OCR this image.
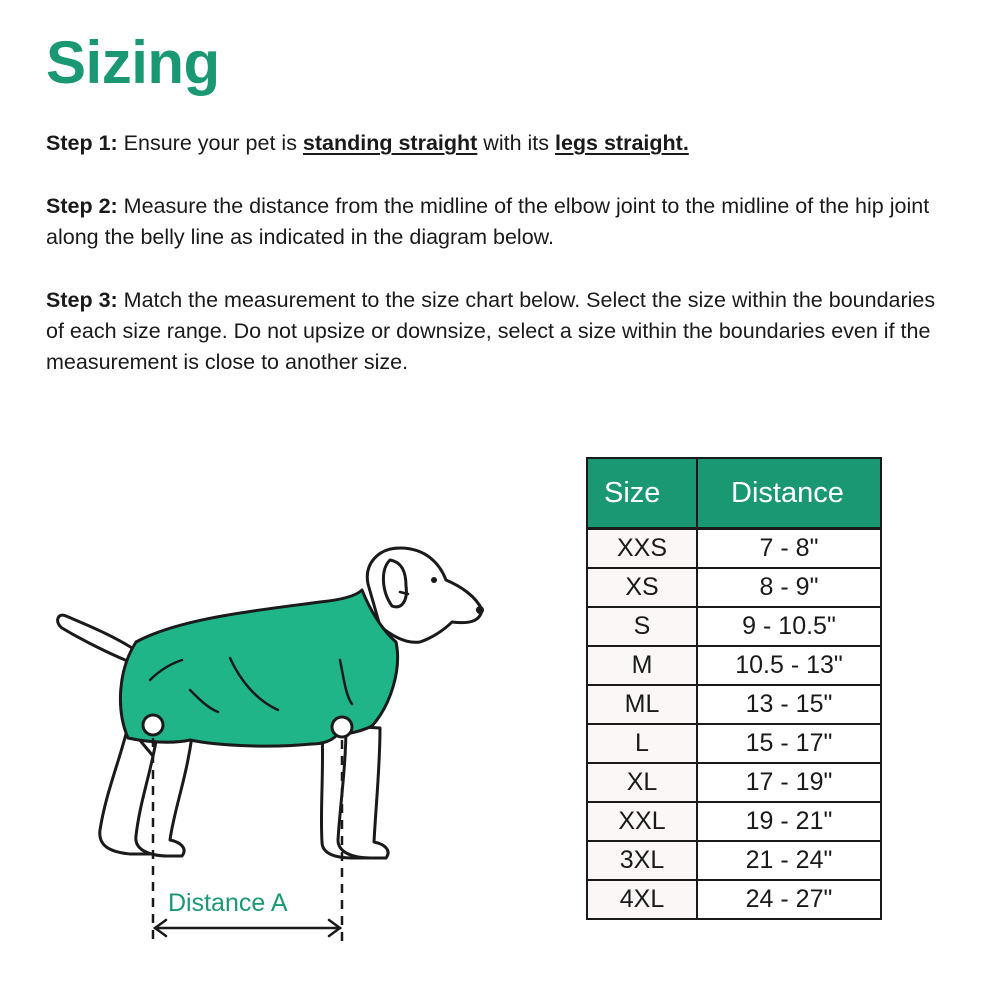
Sizing

Step 1: Ensure your pet is standing straight with its legs straight.

Step 2: Measure the distance from the midline of the elbow joint to the midline of the hip joint along the belly line as indicated in the diagram below.

Step 3: Match the measurement to the size chart below. Select the size within the boundaries of each size range. Do not upsize or downsize, select a size within the boundaries even if the measurement is close to another size.

Distance A
Size	Distance
XXS	7 - 8"
XS	8 - 9"
S	9 - 10.5"
M	10.5 - 13"
ML	13 - 15"
L	15 - 17"
XL	17 - 19"
XXL	19 - 21"
3XL	21 - 24"
4XL	24 - 27"
